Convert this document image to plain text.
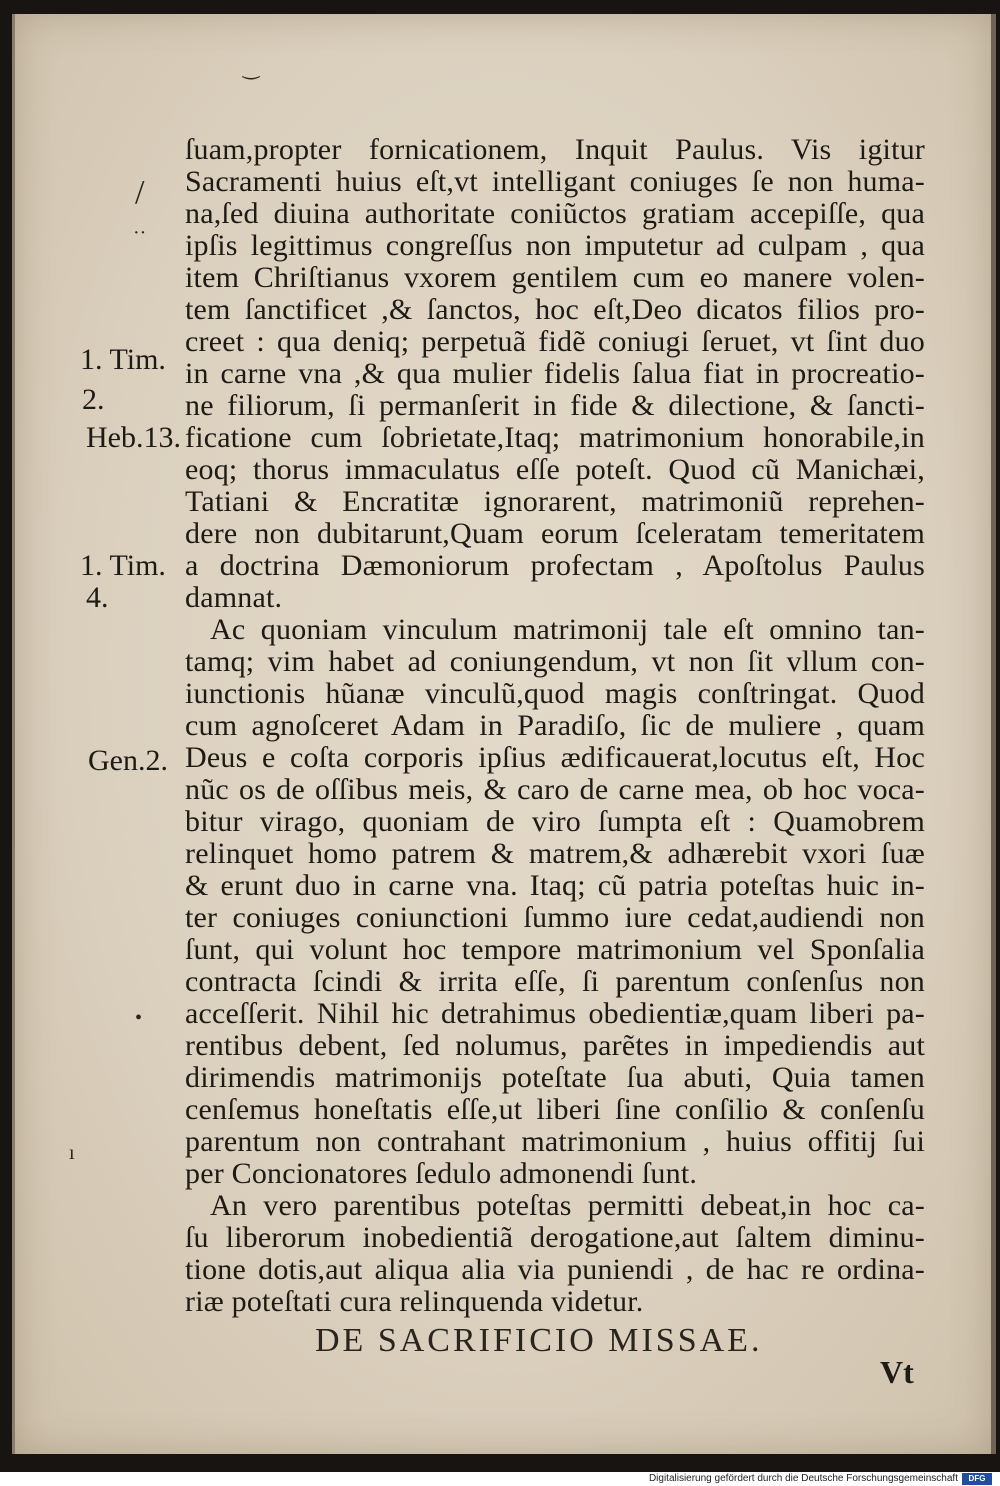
‿
/
··
•
ı
ſuam,propter fornicationem, Inquit Paulus. Vis igitur
Sacramenti huius eſt,vt intelligant coniuges ſe non huma-
na,ſed diuina authoritate coniũctos gratiam accepiſſe, qua
ipſis legittimus congreſſus non imputetur ad culpam , qua
item Chriſtianus vxorem gentilem cum eo manere volen-
tem ſanctificet ,& ſanctos, hoc eſt,Deo dicatos filios pro-
creet : qua deniq; perpetuã fidẽ coniugi ſeruet, vt ſint duo
in carne vna ,& qua mulier fidelis ſalua fiat in procreatio-
ne filiorum, ſi permanſerit in fide & dilectione, & ſancti-
ficatione cum ſobrietate,Itaq; matrimonium honorabile,in
eoq; thorus immaculatus eſſe poteſt. Quod cũ Manichæi,
Tatiani & Encratitæ ignorarent, matrimoniũ reprehen-
dere non dubitarunt,Quam eorum ſceleratam temeritatem
a doctrina Dæmoniorum profectam , Apoſtolus Paulus
damnat.
Ac quoniam vinculum matrimonij tale eſt omnino tan-
tamq; vim habet ad coniungendum, vt non ſit vllum con-
iunctionis hũanæ vinculũ,quod magis conſtringat. Quod
cum agnoſceret Adam in Paradiſo, ſic de muliere , quam
Deus e coſta corporis ipſius ædificauerat,locutus eſt, Hoc
nũc os de oſſibus meis, & caro de carne mea, ob hoc voca-
bitur virago, quoniam de viro ſumpta eſt : Quamobrem
relinquet homo patrem & matrem,& adhærebit vxori ſuæ
& erunt duo in carne vna. Itaq; cũ patria poteſtas huic in-
ter coniuges coniunctioni ſummo iure cedat,audiendi non
ſunt, qui volunt hoc tempore matrimonium vel Sponſalia
contracta ſcindi & irrita eſſe, ſi parentum conſenſus non
acceſſerit. Nihil hic detrahimus obedientiæ,quam liberi pa-
rentibus debent, ſed nolumus, parẽtes in impediendis aut
dirimendis matrimonijs poteſtate ſua abuti, Quia tamen
cenſemus honeſtatis eſſe,ut liberi ſine conſilio & conſenſu
parentum non contrahant matrimonium , huius offitij ſui
per Concionatores ſedulo admonendi ſunt.
An vero parentibus poteſtas permitti debeat,in hoc ca-
ſu liberorum inobedientiã derogatione,aut ſaltem diminu-
tione dotis,aut aliqua alia via puniendi , de hac re ordina-
riæ poteſtati cura relinquenda videtur.
1. Tim.
2.
Heb.13.
1. Tim.
4.
Gen.2.
DE SACRIFICIO MISSAE.
Vt
Digitalisierung gefördert durch die Deutsche Forschungsgemeinschaft	DFG
